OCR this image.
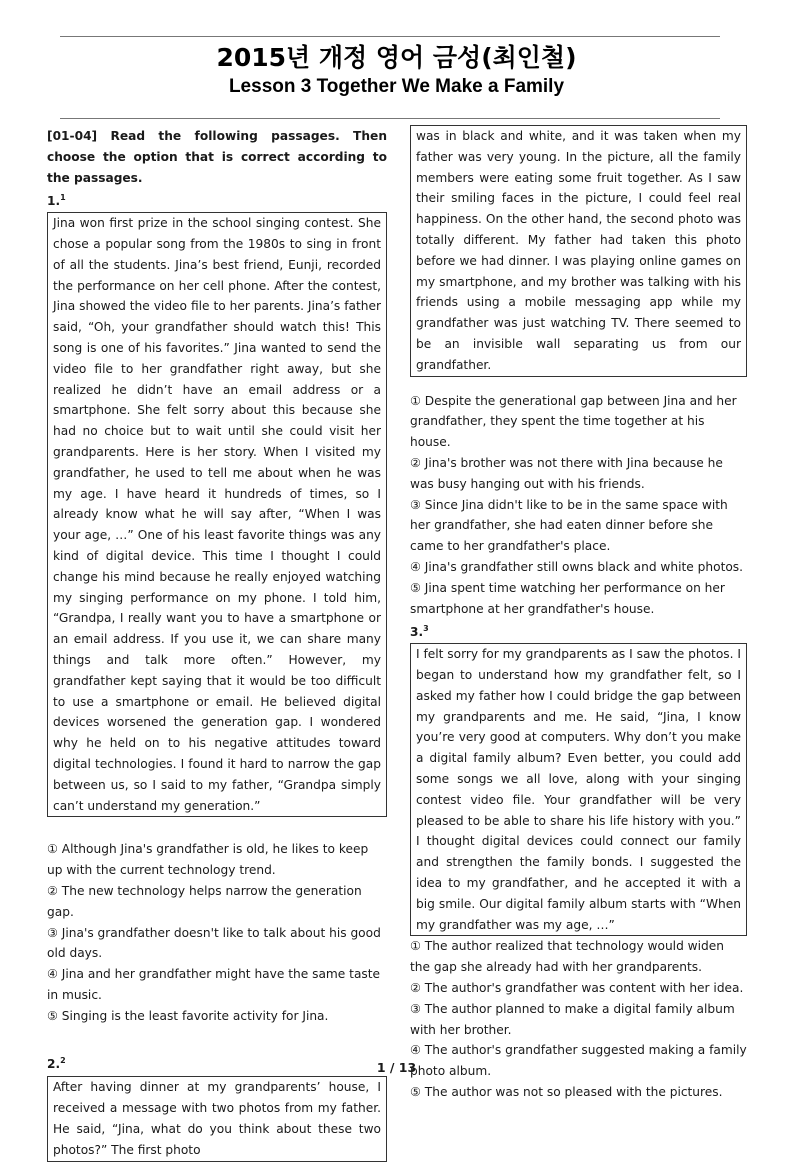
2015년 개정 영어 금성(최인철)
Lesson 3 Together We Make a Family

[01-04] Read the following passages. Then choose the option that is correct according to the passages.

1.$^1$

Jina won first prize in the school singing contest. She chose a popular song from the 1980s to sing in front of all the students. Jina’s best friend, Eunji, recorded the performance on her cell phone. After the contest, Jina showed the video file to her parents. Jina’s father said, “Oh, your grandfather should watch this! This song is one of his favorites.” Jina wanted to send the video file to her grandfather right away, but she realized he didn’t have an email address or a smartphone. She felt sorry about this because she had no choice but to wait until she could visit her grandparents. Here is her story. When I visited my grandfather, he used to tell me about when he was my age. I have heard it hundreds of times, so I already know what he will say after, “When I was your age, …” One of his least favorite things was any kind of digital device. This time I thought I could change his mind because he really enjoyed watching my singing performance on my phone. I told him, “Grandpa, I really want you to have a smartphone or an email address. If you use it, we can share many things and talk more often.” However, my grandfather kept saying that it would be too difficult to use a smartphone or email. He believed digital devices worsened the generation gap. I wondered why he held on to his negative attitudes toward digital technologies. I found it hard to narrow the gap between us, so I said to my father, “Grandpa simply can’t understand my generation.”

① Although Jina's grandfather is old, he likes to keep up with the current technology trend.

② The new technology helps narrow the generation gap.

③ Jina's grandfather doesn't like to talk about his good old days.

④ Jina and her grandfather might have the same taste in music.

⑤ Singing is the least favorite activity for Jina.

2.$^2$

After having dinner at my grandparents’ house, I received a message with two photos from my father. He said, “Jina, what do you think about these two photos?” The first photo

was in black and white, and it was taken when my father was very young. In the picture, all the family members were eating some fruit together. As I saw their smiling faces in the picture, I could feel real happiness. On the other hand, the second photo was totally different. My father had taken this photo before we had dinner. I was playing online games on my smartphone, and my brother was talking with his friends using a mobile messaging app while my grandfather was just watching TV. There seemed to be an invisible wall separating us from our grandfather.

① Despite the generational gap between Jina and her grandfather, they spent the time together at his house.

② Jina's brother was not there with Jina because he was busy hanging out with his friends.

③ Since Jina didn't like to be in the same space with her grandfather, she had eaten dinner before she came to her grandfather's place.

④ Jina's grandfather still owns black and white photos.

⑤ Jina spent time watching her performance on her smartphone at her grandfather's house.

3.$^3$

I felt sorry for my grandparents as I saw the photos. I began to understand how my grandfather felt, so I asked my father how I could bridge the gap between my grandparents and me. He said, “Jina, I know you’re very good at computers. Why don’t you make a digital family album? Even better, you could add some songs we all love, along with your singing contest video file. Your grandfather will be very pleased to be able to share his life history with you.” I thought digital devices could connect our family and strengthen the family bonds. I suggested the idea to my grandfather, and he accepted it with a big smile. Our digital family album starts with “When my grandfather was my age, …”

① The author realized that technology would widen the gap she already had with her grandparents.

② The author's grandfather was content with her idea.

③ The author planned to make a digital family album with her brother.

④ The author's grandfather suggested making a family photo album.

⑤ The author was not so pleased with the pictures.

1 / 13
